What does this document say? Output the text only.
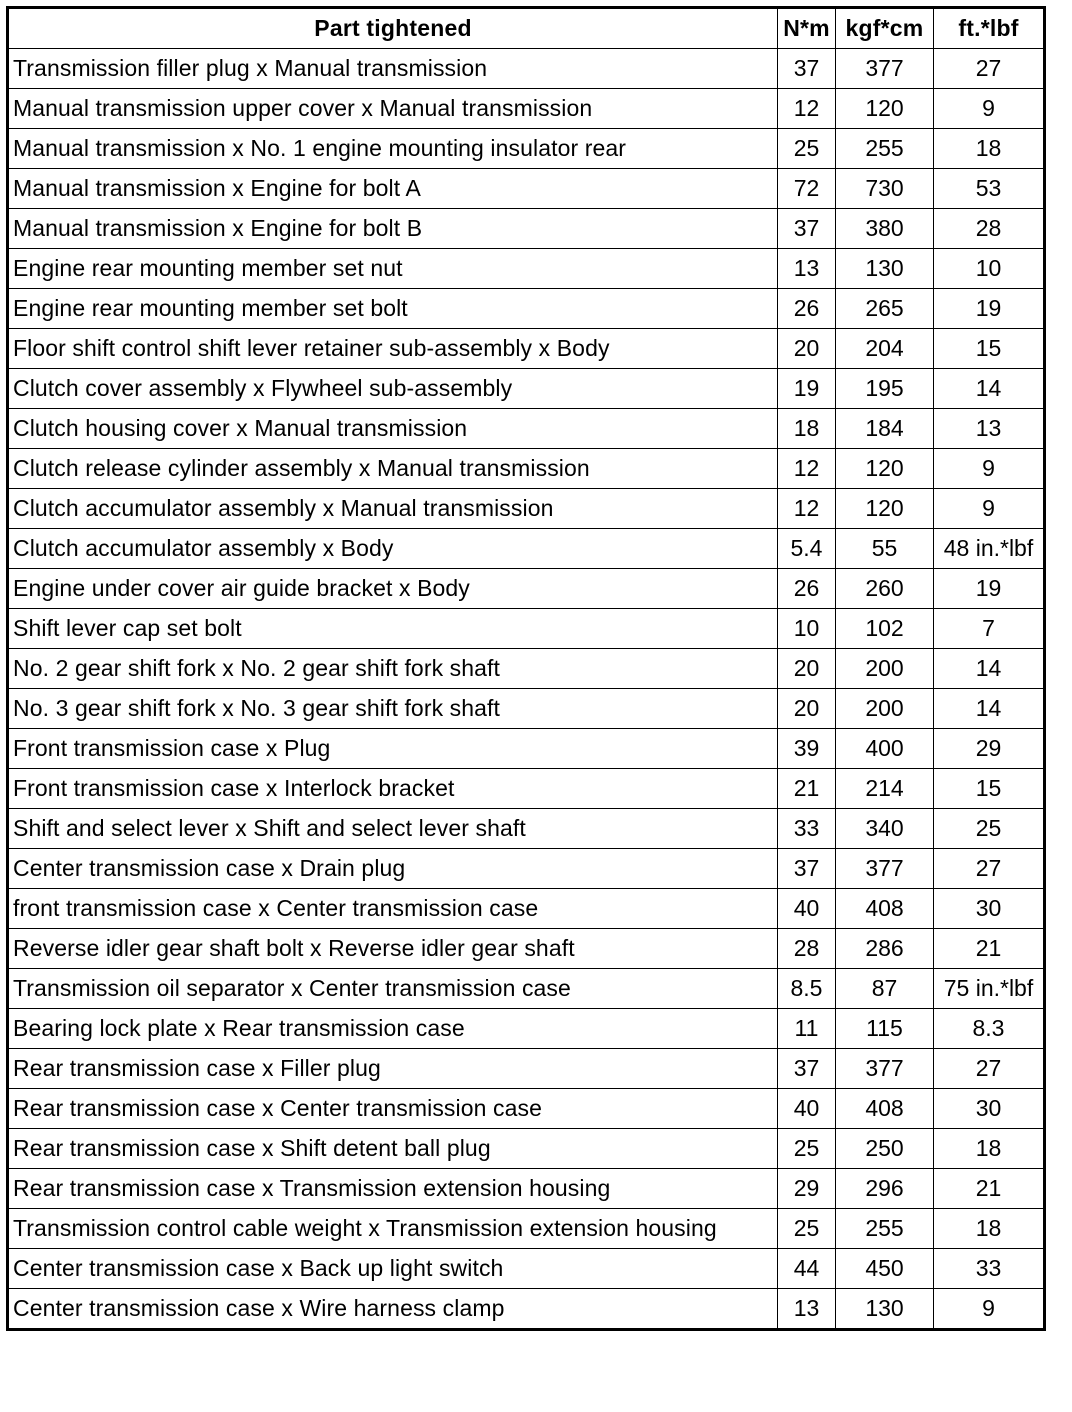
Part tightened	N*m	kgf*cm	ft.*lbf
Transmission filler plug x Manual transmission	37	377	27
Manual transmission upper cover x Manual transmission	12	120	9
Manual transmission x No. 1 engine mounting insulator rear	25	255	18
Manual transmission x Engine for bolt A	72	730	53
Manual transmission x Engine for bolt B	37	380	28
Engine rear mounting member set nut	13	130	10
Engine rear mounting member set bolt	26	265	19
Floor shift control shift lever retainer sub-assembly x Body	20	204	15
Clutch cover assembly x Flywheel sub-assembly	19	195	14
Clutch housing cover x Manual transmission	18	184	13
Clutch release cylinder assembly x Manual transmission	12	120	9
Clutch accumulator assembly x Manual transmission	12	120	9
Clutch accumulator assembly x Body	5.4	55	48 in.*lbf
Engine under cover air guide bracket x Body	26	260	19
Shift lever cap set bolt	10	102	7
No. 2 gear shift fork x No. 2 gear shift fork shaft	20	200	14
No. 3 gear shift fork x No. 3 gear shift fork shaft	20	200	14
Front transmission case x Plug	39	400	29
Front transmission case x Interlock bracket	21	214	15
Shift and select lever x Shift and select lever shaft	33	340	25
Center transmission case x Drain plug	37	377	27
front transmission case x Center transmission case	40	408	30
Reverse idler gear shaft bolt x Reverse idler gear shaft	28	286	21
Transmission oil separator x Center transmission case	8.5	87	75 in.*lbf
Bearing lock plate x Rear transmission case	11	115	8.3
Rear transmission case x Filler plug	37	377	27
Rear transmission case x Center transmission case	40	408	30
Rear transmission case x Shift detent ball plug	25	250	18
Rear transmission case x Transmission extension housing	29	296	21
Transmission control cable weight x Transmission extension housing	25	255	18
Center transmission case x Back up light switch	44	450	33
Center transmission case x Wire harness clamp	13	130	9
